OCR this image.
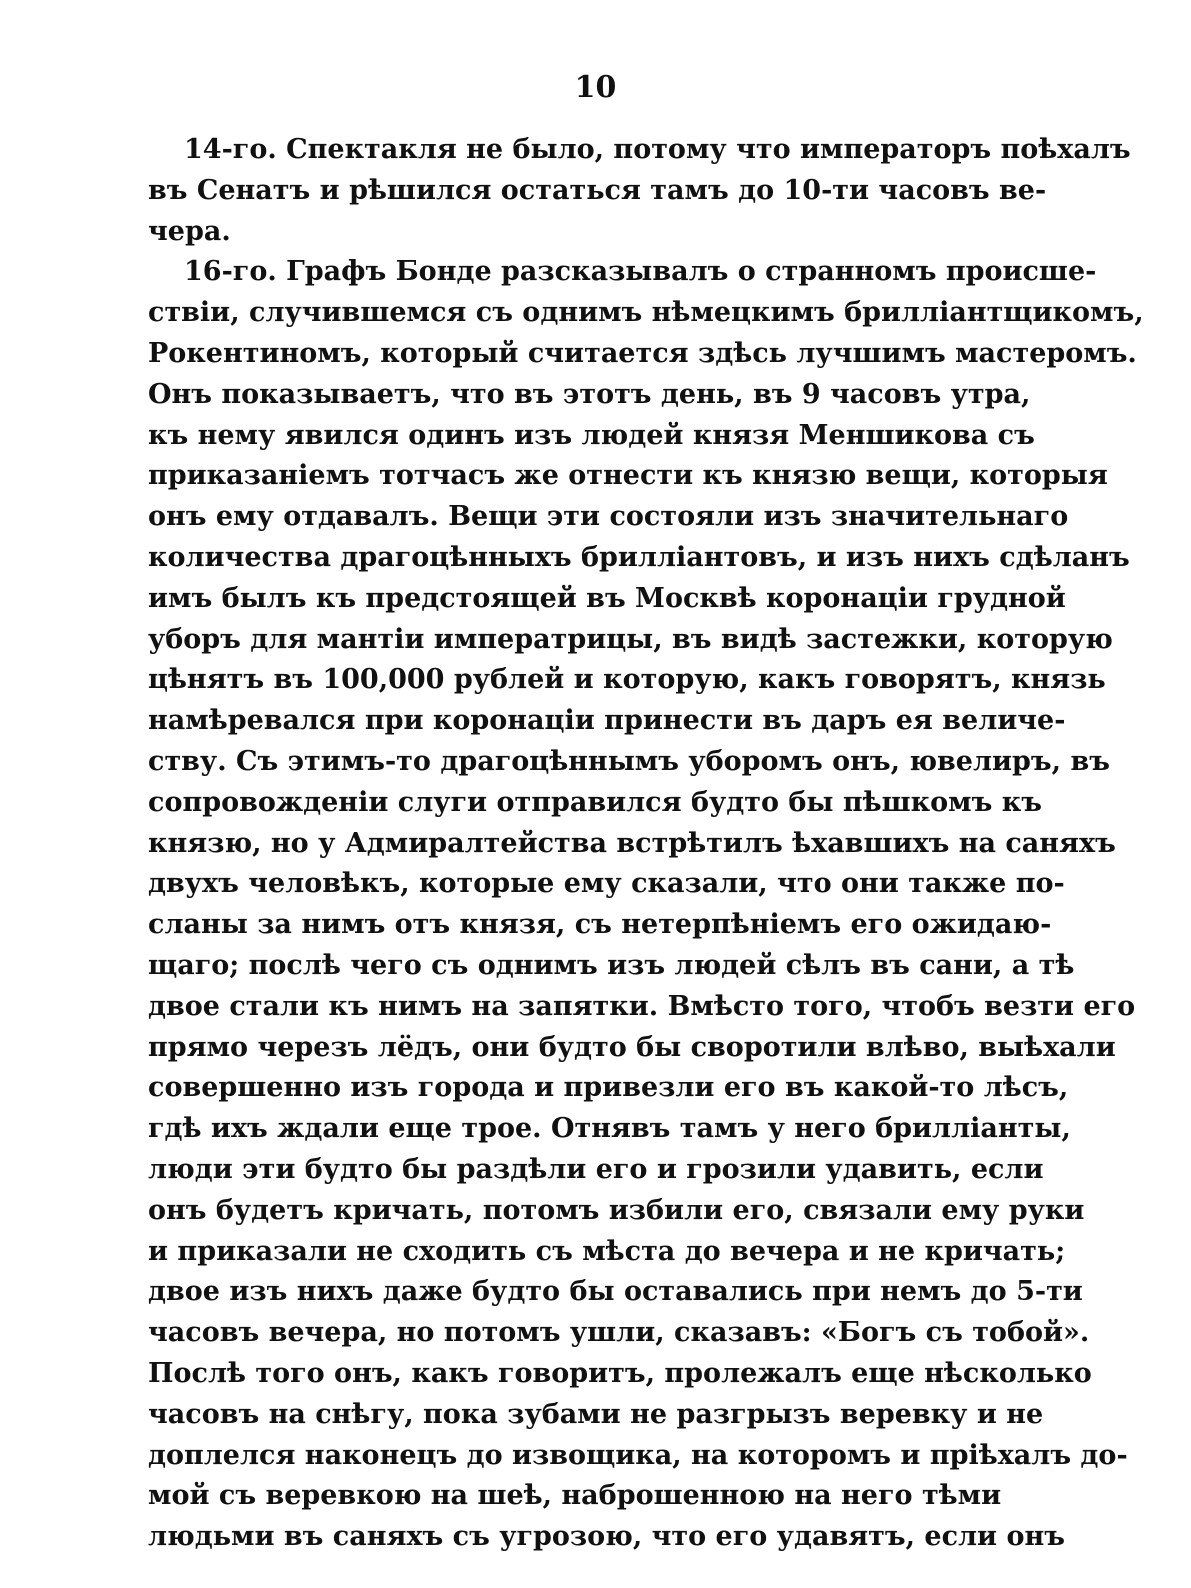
10
14-го. Спектакля не было, потому что императоръ поѣхалъ
въ Сенатъ и рѣшился остаться тамъ до 10-ти часовъ ве-
чера.
16-го. Графъ Бонде разсказывалъ о странномъ происше-
ствіи, случившемся съ однимъ нѣмецкимъ брилліантщикомъ,
Рокентиномъ, который считается здѣсь лучшимъ мастеромъ.
Онъ показываетъ, что въ этотъ день, въ 9 часовъ утра,
къ нему явился одинъ изъ людей князя Меншикова съ
приказаніемъ тотчасъ же отнести къ князю вещи, которыя
онъ ему отдавалъ. Вещи эти состояли изъ значительнаго
количества драгоцѣнныхъ брилліантовъ, и изъ нихъ сдѣланъ
имъ былъ къ предстоящей въ Москвѣ коронаціи грудной
уборъ для мантіи императрицы, въ видѣ застежки, которую
цѣнятъ въ 100,000 рублей и которую, какъ говорятъ, князь
намѣревался при коронаціи принести въ даръ ея величе-
ству. Съ этимъ-то драгоцѣннымъ уборомъ онъ, ювелиръ, въ
сопровожденіи слуги отправился будто бы пѣшкомъ къ
князю, но у Адмиралтейства встрѣтилъ ѣхавшихъ на саняхъ
двухъ человѣкъ, которые ему сказали, что они также по-
сланы за нимъ отъ князя, съ нетерпѣніемъ его ожидаю-
щаго; послѣ чего съ однимъ изъ людей сѣлъ въ сани, а тѣ
двое стали къ нимъ на запятки. Вмѣсто того, чтобъ везти его
прямо черезъ лёдъ, они будто бы своротили влѣво, выѣхали
совершенно изъ города и привезли его въ какой-то лѣсъ,
гдѣ ихъ ждали еще трое. Отнявъ тамъ у него брилліанты,
люди эти будто бы раздѣли его и грозили удавить, если
онъ будетъ кричать, потомъ избили его, связали ему руки
и приказали не сходить съ мѣста до вечера и не кричать;
двое изъ нихъ даже будто бы оставались при немъ до 5-ти
часовъ вечера, но потомъ ушли, сказавъ: «Богъ съ тобой».
Послѣ того онъ, какъ говоритъ, пролежалъ еще нѣсколько
часовъ на снѣгу, пока зубами не разгрызъ веревку и не
доплелся наконецъ до извощика, на которомъ и пріѣхалъ до-
мой съ веревкою на шеѣ, наброшенною на него тѣми
людьми въ саняхъ съ угрозою, что его удавятъ, если онъ
